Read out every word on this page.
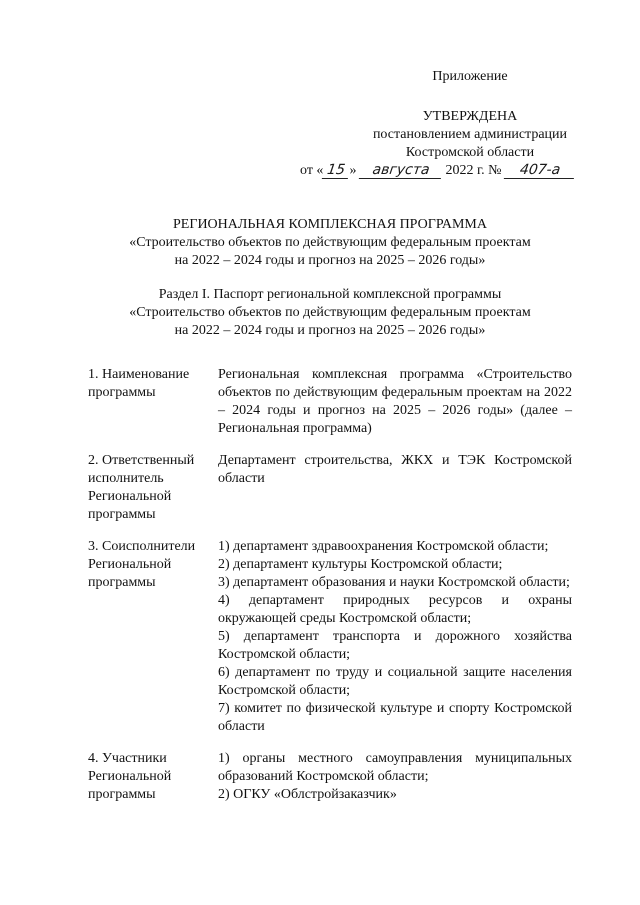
Приложение
УТВЕРЖДЕНА
постановлением администрации
Костромской области
от « 15 » августа 2022 г. № 407-а
РЕГИОНАЛЬНАЯ КОМПЛЕКСНАЯ ПРОГРАММА
«Строительство объектов по действующим федеральным проектам
на 2022 – 2024 годы и прогноз на 2025 – 2026 годы»
Раздел I. Паспорт региональной комплексной программы
«Строительство объектов по действующим федеральным проектам
на 2022 – 2024 годы и прогноз на 2025 – 2026 годы»
1. Наименование программы

Региональная комплексная программа «Строительство объектов по действующим федеральным проектам на 2022 – 2024 годы и прогноз на 2025 – 2026 годы» (далее – Региональная программа)

2. Ответственный исполнитель Региональной программы

Департамент строительства, ЖКХ и ТЭК Костромской области

3. Соисполнители Региональной программы

1) департамент здравоохранения Костромской области;

2) департамент культуры Костромской области;

3) департамент образования и науки Костромской области;

4) департамент природных ресурсов и охраны окружающей среды Костромской области;

5) департамент транспорта и дорожного хозяйства Костромской области;

6) департамент по труду и социальной защите населения Костромской области;

7) комитет по физической культуре и спорту Костромской области

4. Участники Региональной программы

1) органы местного самоуправления муниципальных образований Костромской области;

2) ОГКУ «Облстройзаказчик»
